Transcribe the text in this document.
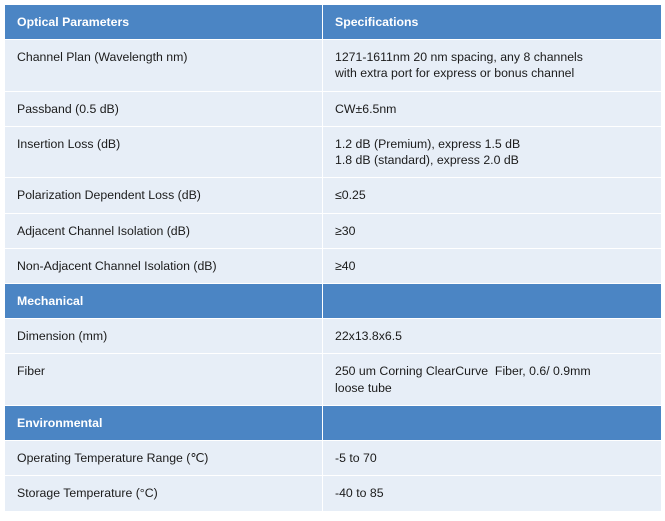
Optical Parameters	Specifications
Channel Plan (Wavelength nm)	1271-1611nm 20 nm spacing, any 8 channels
with extra port for express or bonus channel

Passband (0.5 dB)	CW±6.5nm

Insertion Loss (dB)	1.2 dB (Premium), express 1.5 dB
1.8 dB (standard), express 2.0 dB

Polarization Dependent Loss (dB)	≤0.25

Adjacent Channel Isolation (dB)	≥30

Non-Adjacent Channel Isolation (dB)	≥40

Mechanical	

Dimension (mm)	22x13.8x6.5

Fiber	250 um Corning ClearCurve  Fiber, 0.6/ 0.9mm
loose tube

Environmental	

Operating Temperature Range (℃)	-5 to 70

Storage Temperature (°C)	-40 to 85
